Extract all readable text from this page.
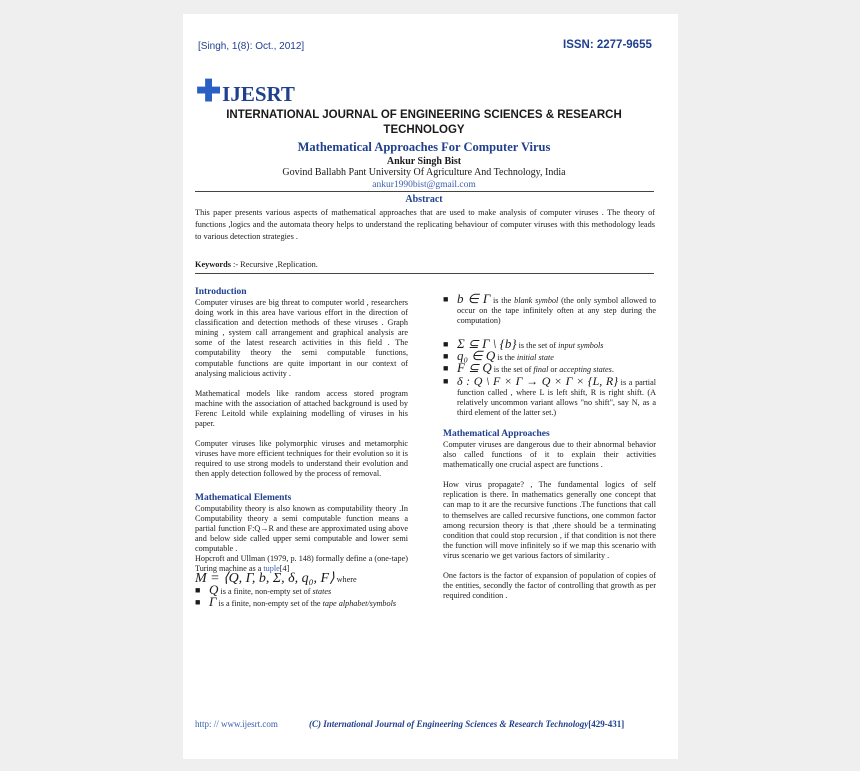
[Singh, 1(8): Oct., 2012]	ISSN: 2277-9655
✚ IJESRT
INTERNATIONAL JOURNAL OF ENGINEERING SCIENCES & RESEARCH
TECHNOLOGY
Mathematical Approaches For Computer Virus
Ankur Singh Bist
Govind Ballabh Pant University Of Agriculture And Technology, India
ankur1990bist@gmail.com
Abstract
This paper presents various aspects of mathematical approaches that are used to make analysis of computer viruses . The theory of functions ,logics and the automata theory helps to understand the replicating behaviour of computer viruses with this methodology leads to various detection strategies .
Keywords :- Recursive ,Replication.
Introduction

Computer viruses are big threat to computer world , researchers doing work in this area have various effort in the direction of classification and detection methods of these viruses . Graph mining , system call arrangement and graphical analysis are some of the latest research activities in this field . The computability theory the semi computable functions, computable functions are quite important in our context of analysing malicious activity .

Mathematical models like random access stored program machine with the association of attached background is used by Ferenc Leitold while explaining modelling of viruses in his paper.

Computer viruses like polymorphic viruses and metamorphic viruses have more efficient techniques for their evolution so it is required to use strong models to understand their evolution and then apply detection followed by the process of removal.

Mathematical Elements

Computability theory is also known as computability theory .In Computability theory a semi computable function means a partial function F:Q→R and these are approximated using above and below side called upper semi computable and lower semi computable .

Hopcroft and Ullman (1979, p. 148) formally define a (one-tape) Turing machine as a tuple[4]

M = ⟨Q, Γ, b, Σ, δ, q₀, F⟩ where

■ Q is a finite, non-empty set of states
■ Γ is a finite, non-empty set of the tape alphabet/symbols
■ b ∈ Γ is the blank symbol (the only symbol allowed to occur on the tape infinitely often at any step during the computation)
■ Σ ⊆ Γ \ {b} is the set of input symbols
■ q₀ ∈ Q is the initial state
■ F ⊆ Q is the set of final or accepting states.
■ δ : Q \ F × Γ → Q × Γ × {L, R} is a partial function called , where L is left shift, R is right shift. (A relatively uncommon variant allows "no shift", say N, as a third element of the latter set.)
Mathematical Approaches

Computer viruses are dangerous due to their abnormal behavior also called functions of it to explain their activities mathematically one crucial aspect are functions .

How virus propagate? , The fundamental logics of self replication is there. In mathematics generally one concept that can map to it are the recursive functions .The functions that call to themselves are called recursive functions, one common factor among recursion theory is that ,there should be a terminating condition that could stop recursion , if that condition is not there the function will move infinitely so if we map this scenario with virus scenario we get various factors of similarity .

One factors is the factor of expansion of population of copies of the entities, secondly the factor of controlling that growth as per required condition .

http: // www.ijesrt.com	(C) International Journal of Engineering Sciences & Research Technology[429-431]
